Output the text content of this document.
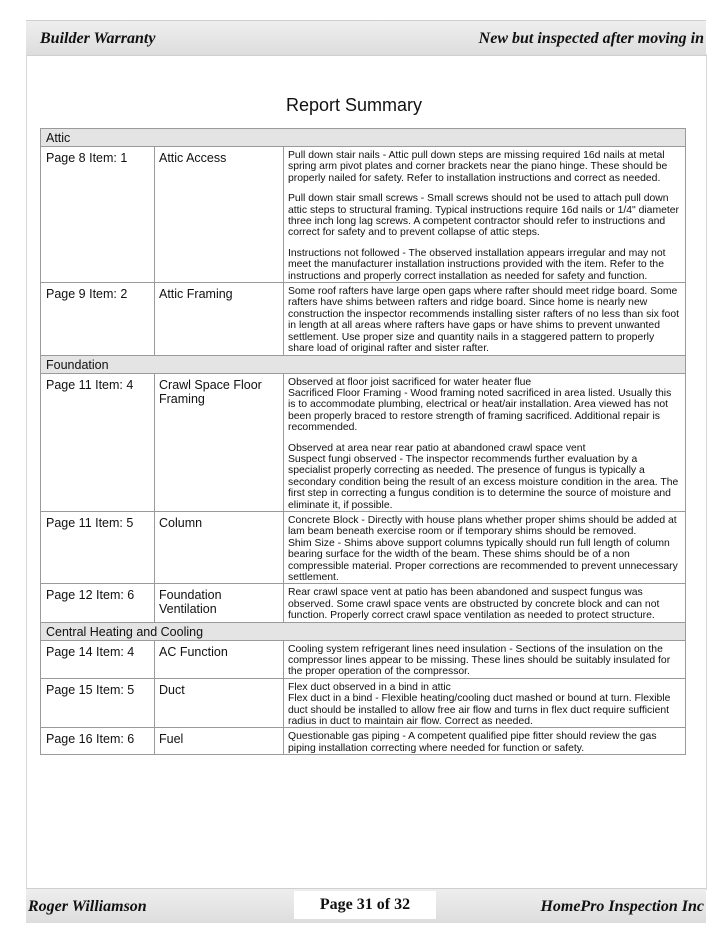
Builder Warranty	New but inspected after moving in
Report Summary
Attic		
Page 8 Item: 1	Attic Access	Pull down stair nails - Attic pull down steps are missing required 16d nails at metal spring arm pivot plates and corner brackets near the piano hinge. These should be properly nailed for safety. Refer to installation instructions and correct as needed.

Pull down stair small screws - Small screws should not be used to attach pull down attic steps to structural framing. Typical instructions require 16d nails or 1/4" diameter three inch long lag screws. A competent contractor should refer to instructions and correct for safety and to prevent collapse of attic steps.

Instructions not followed - The observed installation appears irregular and may not meet the manufacturer installation instructions provided with the item. Refer to the instructions and properly correct installation as needed for safety and function.

Page 9 Item: 2	Attic Framing	Some roof rafters have large open gaps where rafter should meet ridge board. Some rafters have shims between rafters and ridge board. Since home is nearly new construction the inspector recommends installing sister rafters of no less than six foot in length at all areas where rafters have gaps or have shims to prevent unwanted settlement. Use proper size and quantity nails in a staggered pattern to properly share load of original rafter and sister rafter.

Foundation		
Page 11 Item: 4	Crawl Space Floor Framing	Observed at floor joist sacrificed for water heater flue
Sacrificed Floor Framing - Wood framing noted sacrificed in area listed. Usually this is to accommodate plumbing, electrical or heat/air installation. Area viewed has not been properly braced to restore strength of framing sacrificed. Additional repair is recommended.

Observed at area near rear patio at abandoned crawl space vent
Suspect fungi observed - The inspector recommends further evaluation by a specialist properly correcting as needed. The presence of fungus is typically a secondary condition being the result of an excess moisture condition in the area. The first step in correcting a fungus condition is to determine the source of moisture and eliminate it, if possible.

Page 11 Item: 5	Column	Concrete Block - Directly with house plans whether proper shims should be added at lam beam beneath exercise room or if temporary shims should be removed.
Shim Size - Shims above support columns typically should run full length of column bearing surface for the width of the beam. These shims should be of a non compressible material. Proper corrections are recommended to prevent unnecessary settlement.

Page 12 Item: 6	Foundation Ventilation	Rear crawl space vent at patio has been abandoned and suspect fungus was observed. Some crawl space vents are obstructed by concrete block and can not function. Properly correct crawl space ventilation as needed to protect structure.

Central Heating and Cooling		
Page 14 Item: 4	AC Function	Cooling system refrigerant lines need insulation - Sections of the insulation on the compressor lines appear to be missing. These lines should be suitably insulated for the proper operation of the compressor.

Page 15 Item: 5	Duct	Flex duct observed in a bind in attic
Flex duct in a bind - Flexible heating/cooling duct mashed or bound at turn. Flexible duct should be installed to allow free air flow and turns in flex duct require sufficient radius in duct to maintain air flow. Correct as needed.

Page 16 Item: 6	Fuel	Questionable gas piping - A competent qualified pipe fitter should review the gas piping installation correcting where needed for function or safety.

Roger Williamson	Page 31 of 32	HomePro Inspection Inc
